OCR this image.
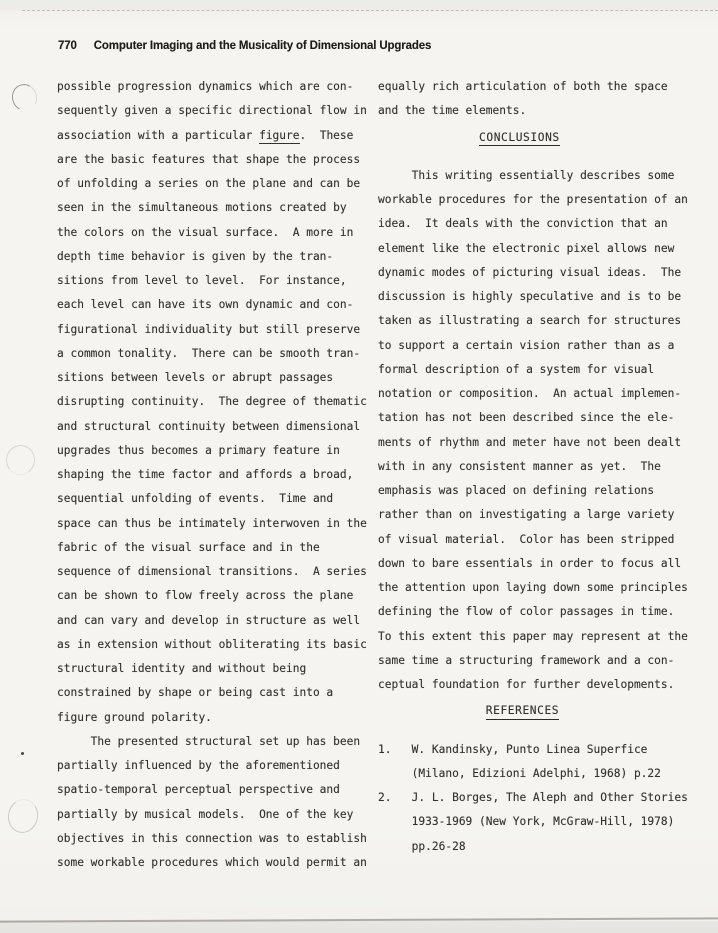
770 Computer Imaging and the Musicality of Dimensional Upgrades
possible progression dynamics which are con-
sequently given a specific directional flow in
association with a particular figure.  These
are the basic features that shape the process
of unfolding a series on the plane and can be
seen in the simultaneous motions created by
the colors on the visual surface.  A more in
depth time behavior is given by the tran-
sitions from level to level.  For instance,
each level can have its own dynamic and con-
figurational individuality but still preserve
a common tonality.  There can be smooth tran-
sitions between levels or abrupt passages
disrupting continuity.  The degree of thematic
and structural continuity between dimensional
upgrades thus becomes a primary feature in
shaping the time factor and affords a broad,
sequential unfolding of events.  Time and
space can thus be intimately interwoven in the
fabric of the visual surface and in the
sequence of dimensional transitions.  A series
can be shown to flow freely across the plane
and can vary and develop in structure as well
as in extension without obliterating its basic
structural identity and without being
constrained by shape or being cast into a
figure ground polarity.
The presented structural set up has been
partially influenced by the aforementioned
spatio-temporal perceptual perspective and
partially by musical models.  One of the key
objectives in this connection was to establish
some workable procedures which would permit an
equally rich articulation of both the space
and the time elements.
CONCLUSIONS
This writing essentially describes some
workable procedures for the presentation of an
idea.  It deals with the conviction that an
element like the electronic pixel allows new
dynamic modes of picturing visual ideas.  The
discussion is highly speculative and is to be
taken as illustrating a search for structures
to support a certain vision rather than as a
formal description of a system for visual
notation or composition.  An actual implemen-
tation has not been described since the ele-
ments of rhythm and meter have not been dealt
with in any consistent manner as yet.  The
emphasis was placed on defining relations
rather than on investigating a large variety
of visual material.  Color has been stripped
down to bare essentials in order to focus all
the attention upon laying down some principles
defining the flow of color passages in time.
To this extent this paper may represent at the
same time a structuring framework and a con-
ceptual foundation for further developments.
REFERENCES
1.   W. Kandinsky, Punto Linea Superfice
(Milano, Edizioni Adelphi, 1968) p.22
2.   J. L. Borges, The Aleph and Other Stories
1933-1969 (New York, McGraw-Hill, 1978)
pp.26-28
